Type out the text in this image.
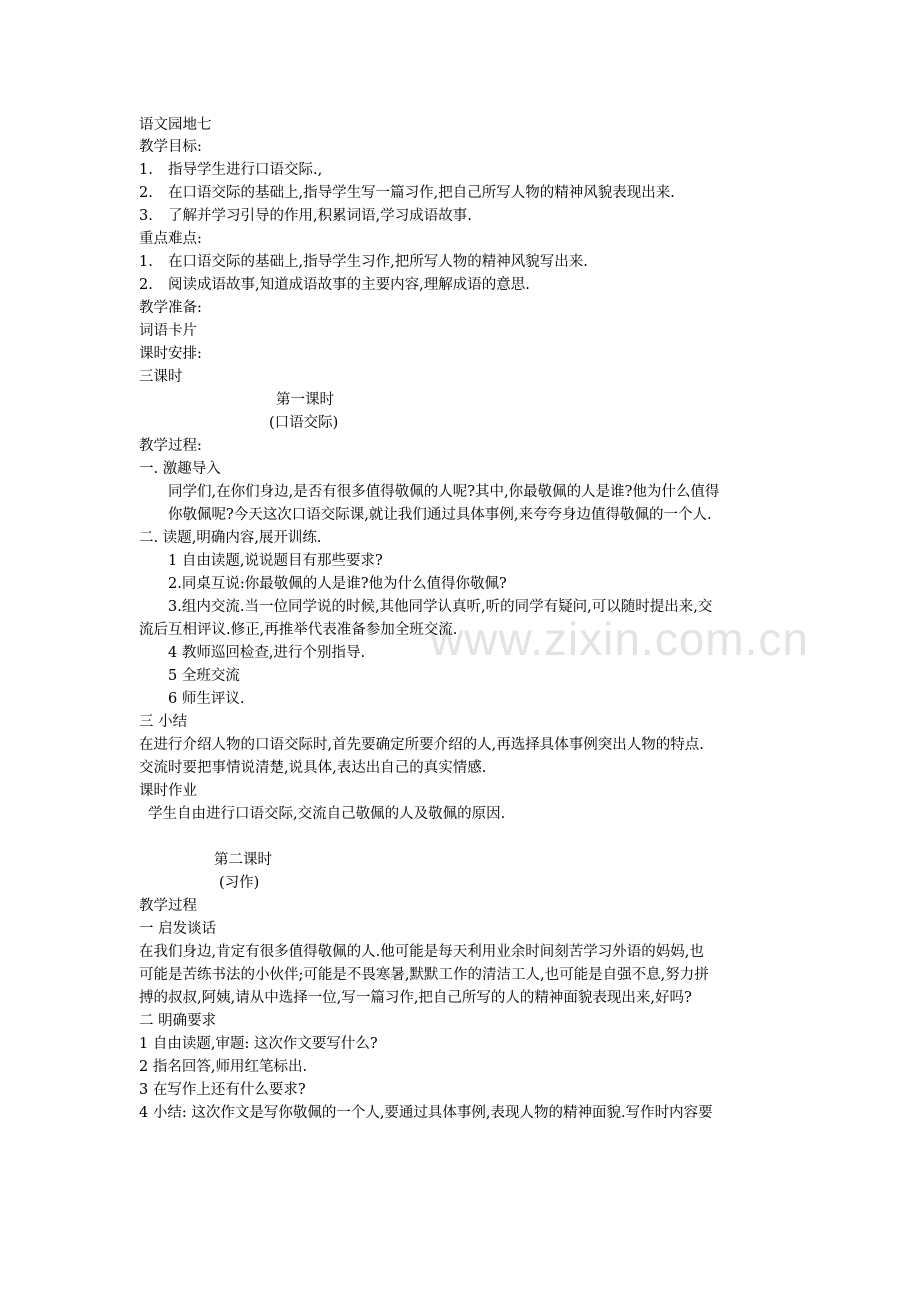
www.zixin.com.cn
语文园地七
教学目标:
1. 指导学生进行口语交际.,
2. 在口语交际的基础上,指导学生写一篇习作,把自己所写人物的精神风貌表现出来.
3. 了解并学习引导的作用,积累词语,学习成语故事.
重点难点:
1. 在口语交际的基础上,指导学生习作,把所写人物的精神风貌写出来.
2. 阅读成语故事,知道成语故事的主要内容,理解成语的意思.
教学准备:
词语卡片
课时安排:
三课时
第一课时
(口语交际)
教学过程:
一. 激趣导入
同学们,在你们身边,是否有很多值得敬佩的人呢?其中,你最敬佩的人是谁?他为什么值得
你敬佩呢?今天这次口语交际课,就让我们通过具体事例,来夸夸身边值得敬佩的一个人.
二. 读题,明确内容,展开训练.
1 自由读题,说说题目有那些要求?
2.同桌互说:你最敬佩的人是谁?他为什么值得你敬佩?
3.组内交流.当一位同学说的时候,其他同学认真听,听的同学有疑问,可以随时提出来,交
流后互相评议.修正,再推举代表准备参加全班交流.
4 教师巡回检查,进行个别指导.
5 全班交流
6 师生评议.
三 小结
在进行介绍人物的口语交际时,首先要确定所要介绍的人,再选择具体事例突出人物的特点.
交流时要把事情说清楚,说具体,表达出自己的真实情感.
课时作业
学生自由进行口语交际,交流自己敬佩的人及敬佩的原因.
第二课时
(习作)
教学过程
一 启发谈话
在我们身边,肯定有很多值得敬佩的人.他可能是每天利用业余时间刻苦学习外语的妈妈,也
可能是苦练书法的小伙伴;可能是不畏寒暑,默默工作的清洁工人,也可能是自强不息,努力拼
搏的叔叔,阿姨,请从中选择一位,写一篇习作,把自己所写的人的精神面貌表现出来,好吗?
二 明确要求
1 自由读题,审题: 这次作文要写什么?
2 指名回答,师用红笔标出.
3 在写作上还有什么要求?
4 小结: 这次作文是写你敬佩的一个人,要通过具体事例,表现人物的精神面貌.写作时内容要
